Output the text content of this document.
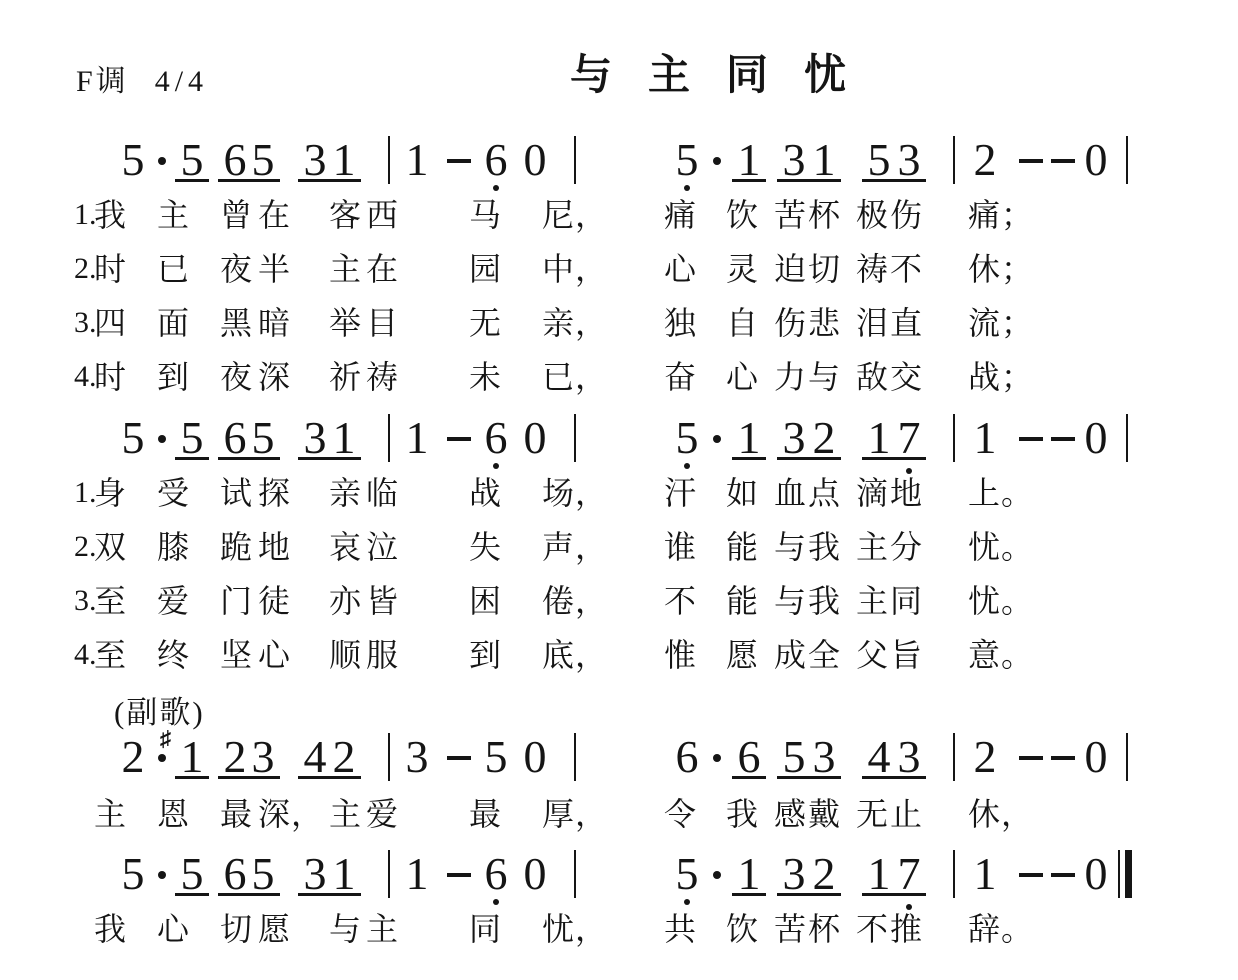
F调 4/4	与主同忧
(副歌)
5 5 6 5 3 1 1 6 0	5 1 3 1 5 3 2 0
1.
我 主 曾 在 客 西 马 尼， 痛 饮 苦 杯 极 伤 痛；
2.
时 已 夜 半 主 在 园 中， 心 灵 迫 切 祷 不 休；
3.
四 面 黑 暗 举 目 无 亲， 独 自 伤 悲 泪 直 流；
4.
时 到 夜 深 祈 祷 未 已， 奋 心 力 与 敌 交 战；
5 5 6 5 3 1 1 6 0	5 1 3 2 1 7 1 0
1.
身 受 试 探 亲 临 战 场， 汗 如 血 点 滴 地 上。
2.
双 膝 跪 地 哀 泣 失 声， 谁 能 与 我 主 分 忧。
3.
至 爱 门 徒 亦 皆 困 倦， 不 能 与 我 主 同 忧。
4.
至 终 坚 心 顺 服 到 底， 惟 愿 成 全 父 旨 意。
2 1
♯ 2 3 4 2 3 5 0	6 6 5 3 4 3 2 0
主 恩 最 深， 主 爱 最 厚， 令 我 感 戴 无 止 休，
5 5 6 5 3 1 1 6 0	5 1 3 2 1 7 1 0
我 心 切 愿 与 主 同 忧， 共 饮 苦 杯 不 推 辞。
